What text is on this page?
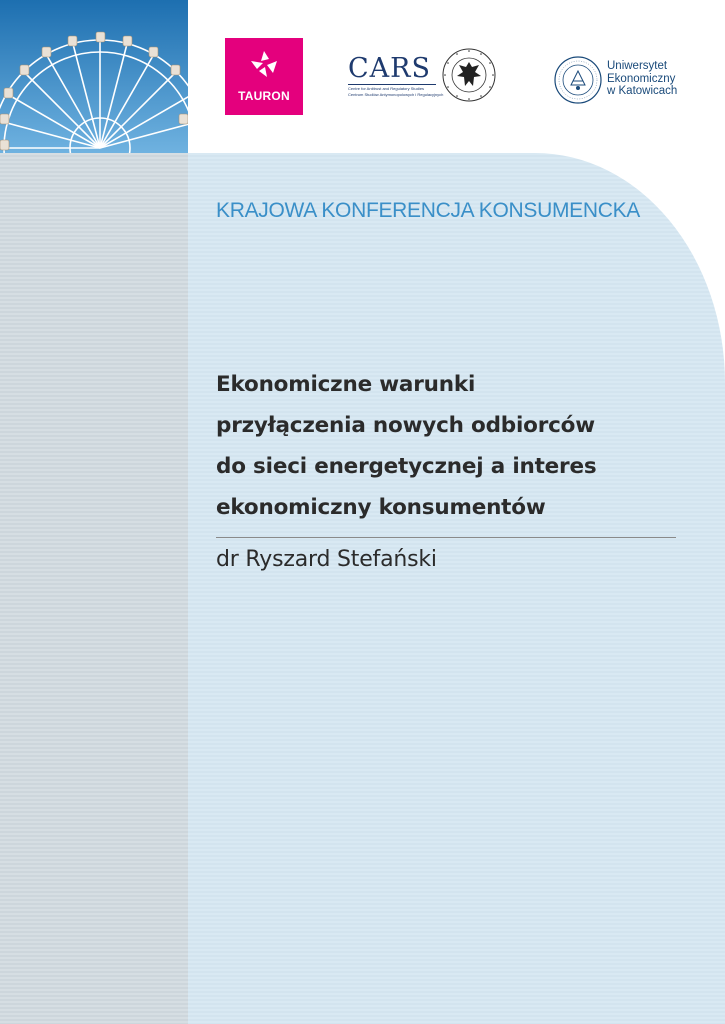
TAURON
CARS
Centre for Antitrust and Regulatory Studies
Centrum Studiów Antymonopolowych i Regulacyjnych
Uniwersytet
Ekonomiczny
w Katowicach
KRAJOWA KONFERENCJA KONSUMENCKA
Ekonomiczne warunki
przyłączenia nowych odbiorców
do sieci energetycznej a interes
ekonomiczny konsumentów
dr Ryszard Stefański
